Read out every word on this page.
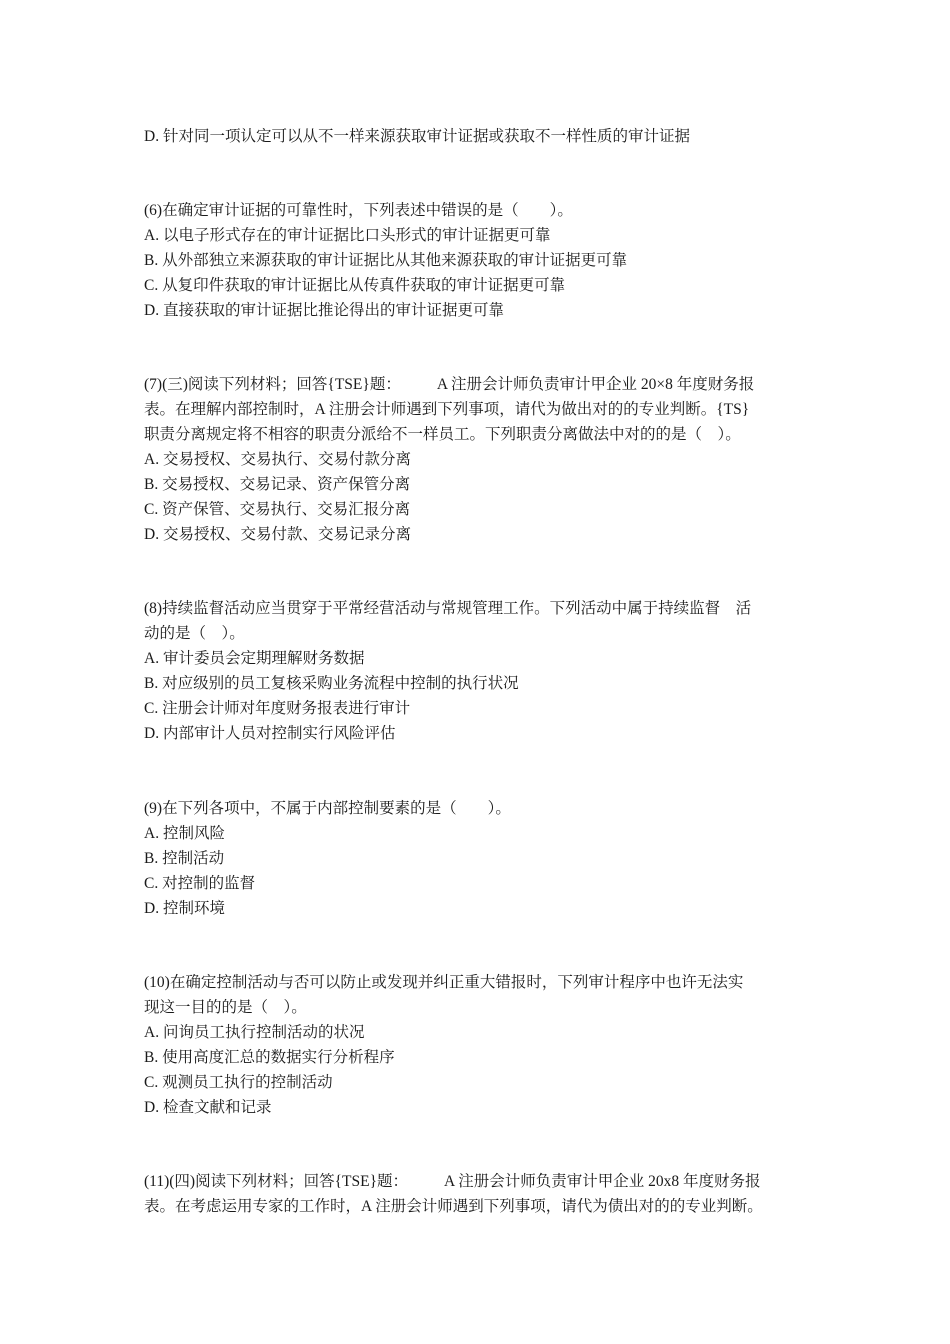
D. 针对同一项认定可以从不一样来源获取审计证据或获取不一样性质的审计证据
(6)在确定审计证据的可靠性时，下列表述中错误的是（　　）。
A. 以电子形式存在的审计证据比口头形式的审计证据更可靠
B. 从外部独立来源获取的审计证据比从其他来源获取的审计证据更可靠
C. 从复印件获取的审计证据比从传真件获取的审计证据更可靠
D. 直接获取的审计证据比推论得出的审计证据更可靠
(7)(三)阅读下列材料；回答{TSE}题： A 注册会计师负责审计甲企业 20×8 年度财务报
表。在理解内部控制时，A 注册会计师遇到下列事项，请代为做出对的的专业判断。{TS}
职责分离规定将不相容的职责分派给不一样员工。下列职责分离做法中对的的是（　）。
A. 交易授权、交易执行、交易付款分离
B. 交易授权、交易记录、资产保管分离
C. 资产保管、交易执行、交易汇报分离
D. 交易授权、交易付款、交易记录分离
(8)持续监督活动应当贯穿于平常经营活动与常规管理工作。下列活动中属于持续监督　活
动的是（　）。
A. 审计委员会定期理解财务数据
B. 对应级别的员工复核采购业务流程中控制的执行状况
C. 注册会计师对年度财务报表进行审计
D. 内部审计人员对控制实行风险评估
(9)在下列各项中，不属于内部控制要素的是（　　）。
A. 控制风险
B. 控制活动
C. 对控制的监督
D. 控制环境
(10)在确定控制活动与否可以防止或发现并纠正重大错报时，下列审计程序中也许无法实
现这一目的的是（　）。
A. 问询员工执行控制活动的状况
B. 使用高度汇总的数据实行分析程序
C. 观测员工执行的控制活动
D. 检查文献和记录
(11)(四)阅读下列材料；回答{TSE}题： A 注册会计师负责审计甲企业 20x8 年度财务报
表。在考虑运用专家的工作时，A 注册会计师遇到下列事项，请代为债出对的的专业判断。
